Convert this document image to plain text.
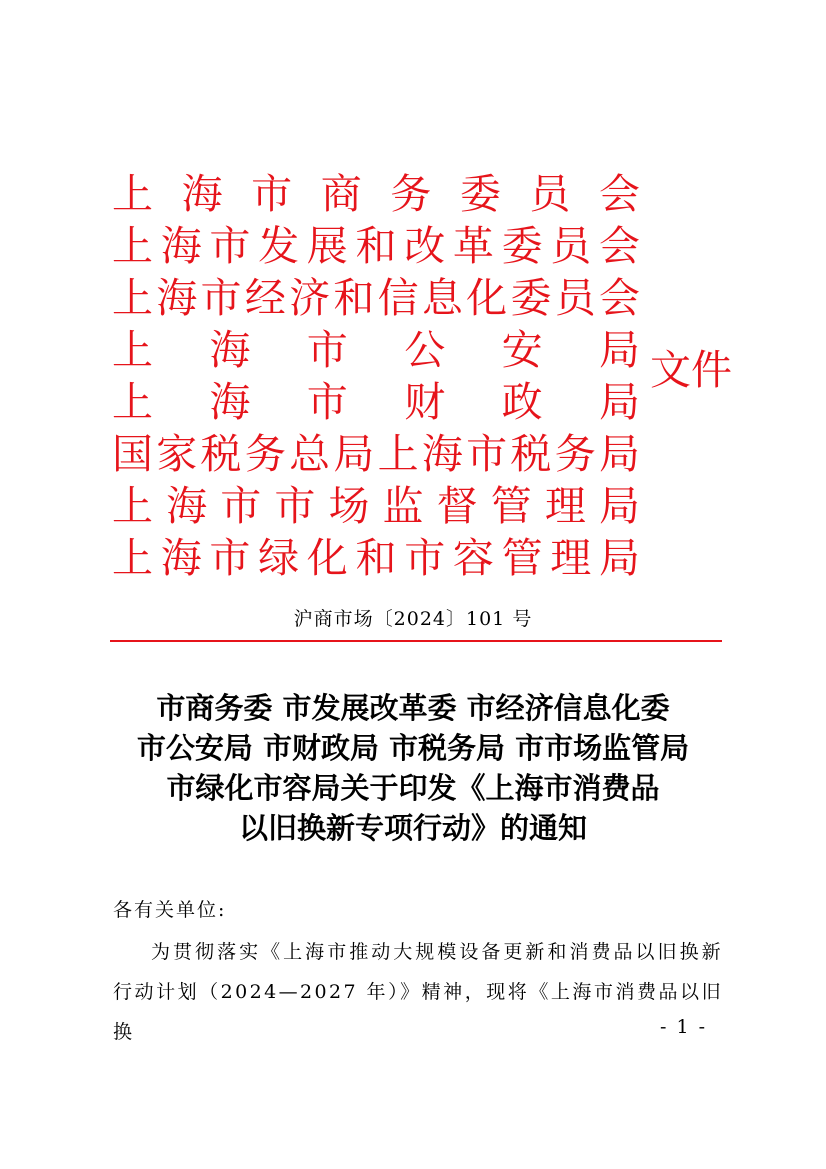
上 海 市 商 务 委 员 会
上海市发展和改革委员会
上海市经济和信息化委员会
上 海 市 公 安 局
上 海 市 财 政 局
国家税务总局上海市税务局
上 海 市 市 场 监 督 管 理 局
上海市绿化和市容管理局
文件
沪商市场〔2024〕101 号
市商务委 市发展改革委 市经济信息化委
市公安局 市财政局 市税务局 市市场监管局
市绿化市容局关于印发《上海市消费品
以旧换新专项行动》的通知
各有关单位:
为贯彻落实《上海市推动大规模设备更新和消费品以旧换新行动计划（2024—2027 年）》精神，现将《上海市消费品以旧换	- 1 -
